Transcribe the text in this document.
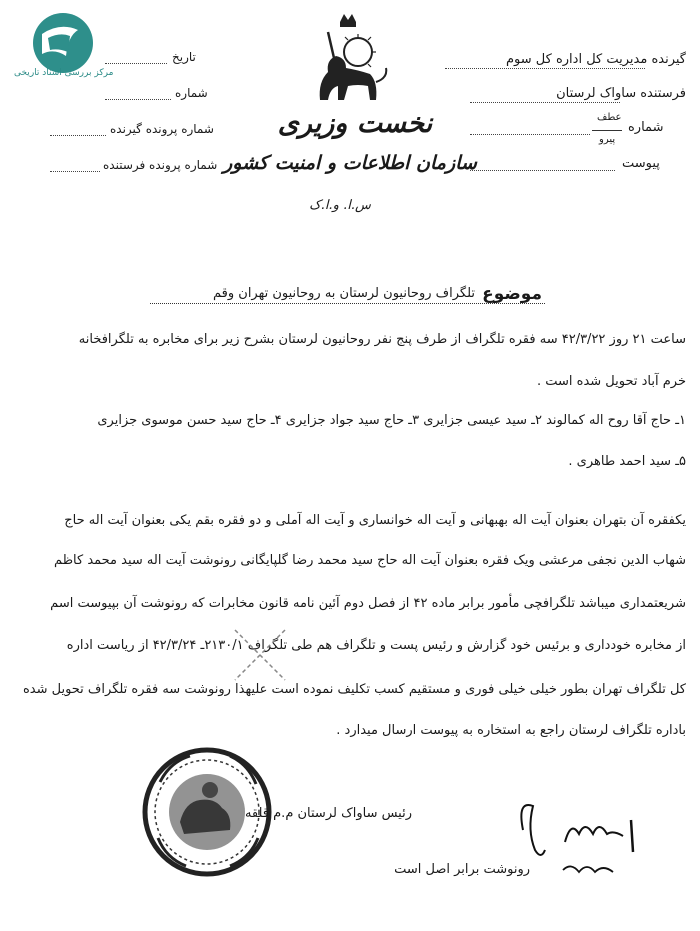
مرکز بررسی اسناد تاریخی
تاریخ
شماره
شماره پرونده گیرنده
شماره پرونده فرستنده
نخست وزیری
سازمان اطلاعات و امنیت کشور
س.ا. و.ا.ک
گیرنده مدیریت کل اداره کل سوم
فرستنده ساواک لرستان
شماره
عطف
پیرو
پیوست
موضوع
تلگراف روحانیون لرستان به روحانیون تهران وقم
ساعت ۲۱ روز ۴۲/۳/۲۲ سه فقره تلگراف از طرف پنج نفر روحانیون لرستان بشرح زیر برای مخابره به تلگرافخانه
خرم آباد تحویل شده است .
۱ـ حاج آقا روح اله کمالوند ۲ـ سید عیسی جزایری ۳ـ حاج سید جواد جزایری ۴ـ حاج سید حسن موسوی جزایری
۵ـ سید احمد طاهری .
یکفقره آن بتهران بعنوان آیت اله بهبهانی و آیت اله خوانساری و آیت اله آملی و دو فقره بقم یکی بعنوان آیت اله حاج
شهاب الدین نجفی مرعشی ویک فقره بعنوان آیت اله حاج سید محمد رضا گلپایگانی رونوشت آیت اله سید محمد کاظم
شریعتمداری میباشد تلگرافچی مأمور برابر ماده ۴۲ از فصل دوم آئین نامه قانون مخابرات که رونوشت آن بپیوست اسم
از مخابره خودداری و برئیس خود گزارش و رئیس پست و تلگراف هم طی تلگراف ۲۱۳۰/۱ـ ۴۲/۳/۲۴ از ریاست اداره
کل تلگراف تهران بطور خیلی خیلی فوری و مستقیم کسب تکلیف نموده است علیهذا رونوشت سه فقره تلگراف تحویل شده
باداره تلگراف لرستان راجع به استخاره به پیوست ارسال میدارد .
رئیس ساواک لرستان م.م قلقه
رونوشت برابر اصل است
